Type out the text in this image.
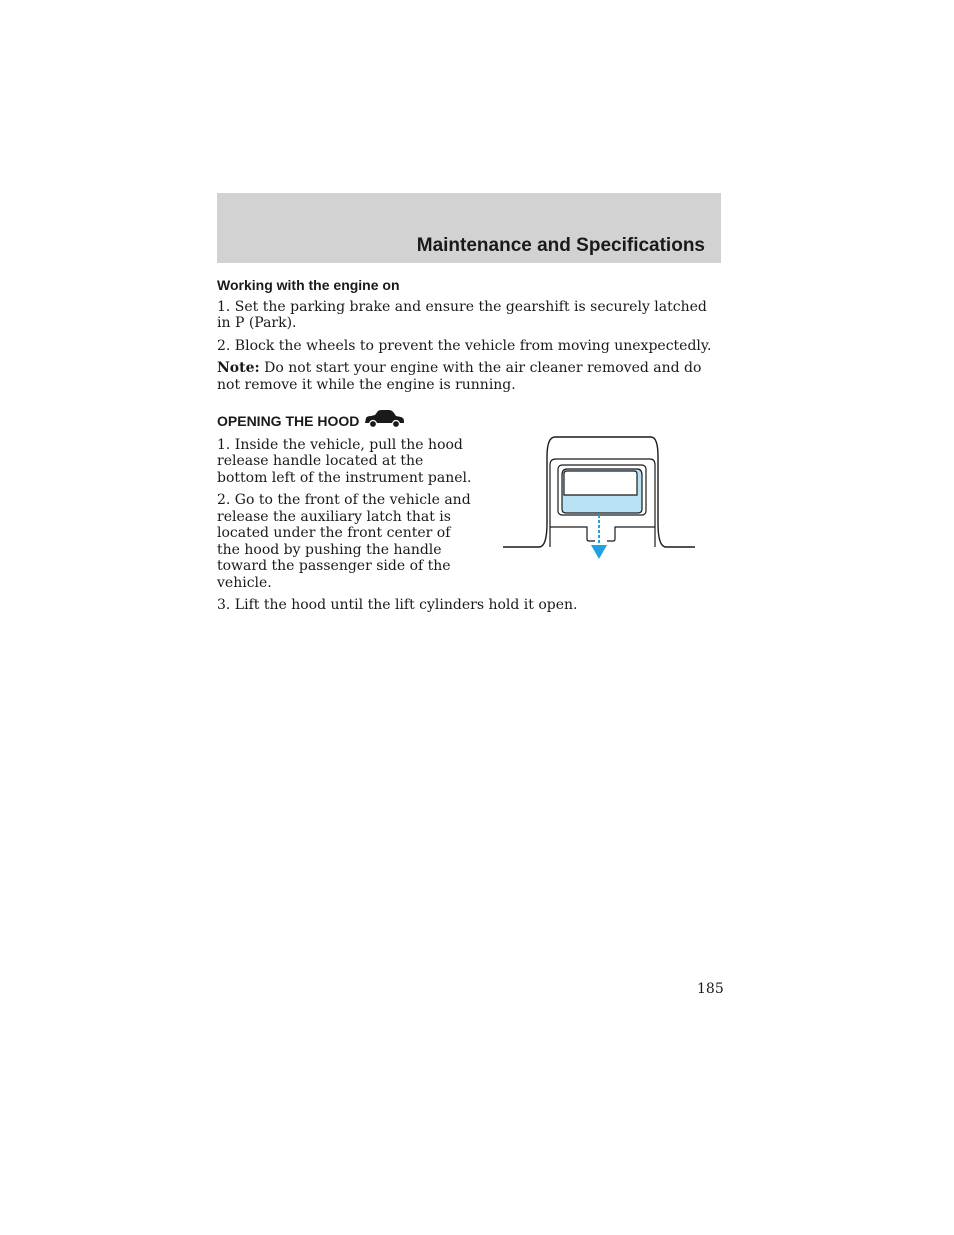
Maintenance and Specifications
Working with the engine on

1. Set the parking brake and ensure the gearshift is securely latched in P (Park).

2. Block the wheels to prevent the vehicle from moving unexpectedly.

Note: Do not start your engine with the air cleaner removed and do not remove it while the engine is running.

OPENING THE HOOD

1. Inside the vehicle, pull the hood release handle located at the bottom left of the instrument panel.

2. Go to the front of the vehicle and release the auxiliary latch that is located under the front center of the hood by pushing the handle toward the passenger side of the vehicle.

3. Lift the hood until the lift cylinders hold it open.

185
